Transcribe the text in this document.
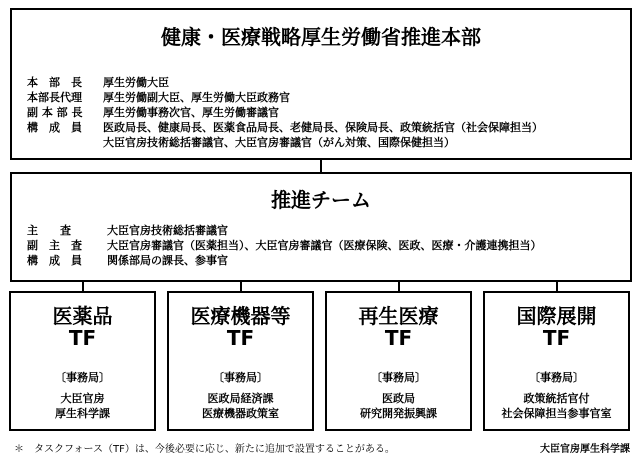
健康・医療戦略厚生労働省推進本部
本　部　長	厚生労働大臣
本部長代理	厚生労働副大臣、厚生労働大臣政務官
副 本 部 長	厚生労働事務次官、厚生労働審議官
構　成　員	医政局長、健康局長、医薬食品局長、老健局長、保険局長、政策統括官（社会保障担当）
大臣官房技術総括審議官、大臣官房審議官（がん対策、国際保健担当）
推進チーム
主　　査	大臣官房技術総括審議官
副　主　査	大臣官房審議官（医薬担当）、大臣官房審議官（医療保険、医政、医療・介護連携担当）
構　成　員	関係部局の課長、参事官
医薬品
TF
〔事務局〕
大臣官房
厚生科学課
医療機器等
TF
〔事務局〕
医政局経済課
医療機器政策室
再生医療
TF
〔事務局〕
医政局
研究開発振興課
国際展開
TF
〔事務局〕
政策統括官付
社会保障担当参事官室
＊　タスクフォース（TF）は、今後必要に応じ、新たに追加で設置することがある。	大臣官房厚生科学課
